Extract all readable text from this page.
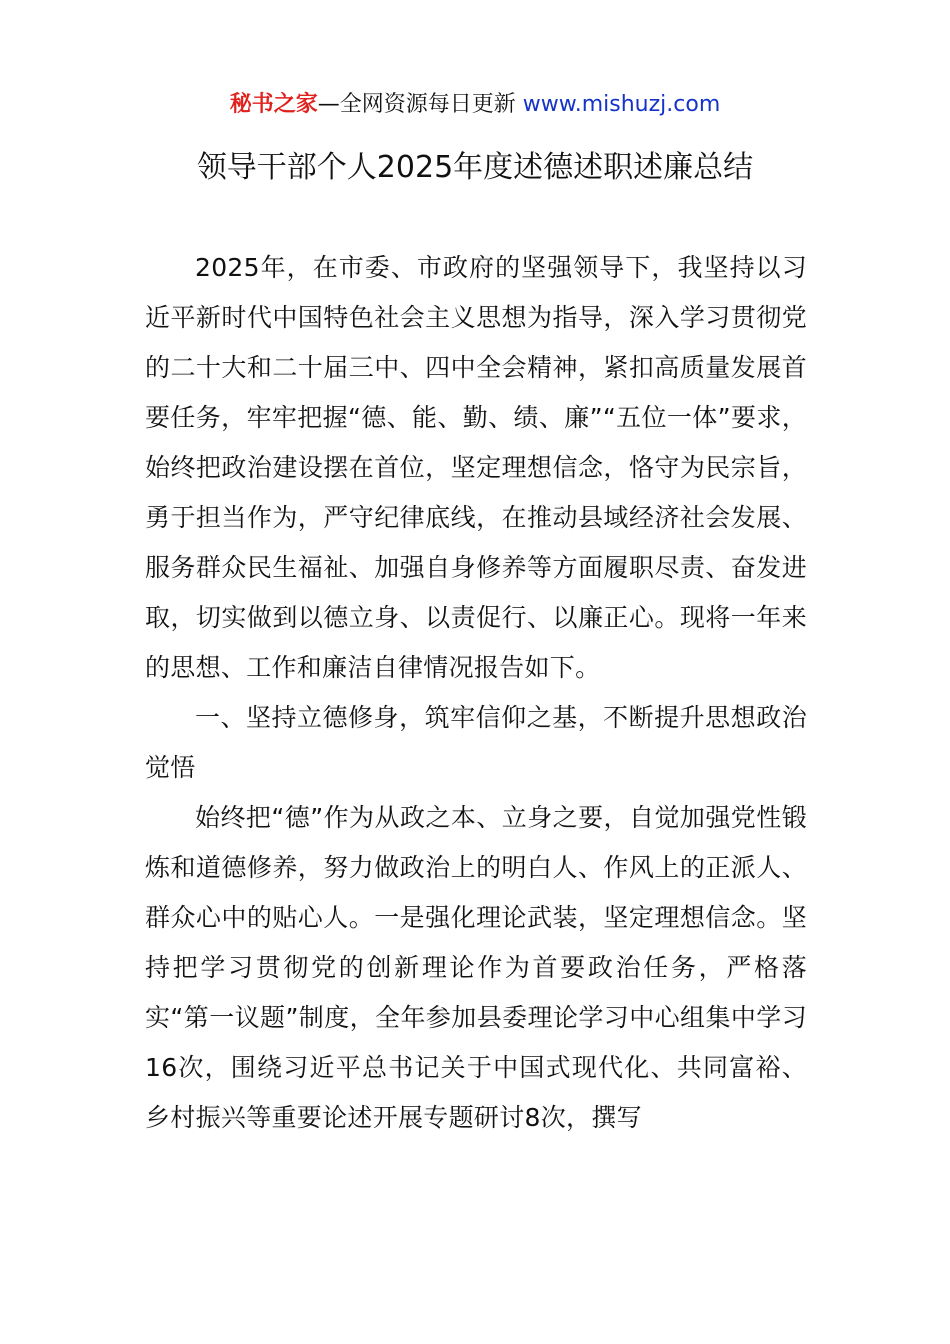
秘书之家—全网资源每日更新 www.mishuzj.com
领导干部个人2025年度述德述职述廉总结

2025年，在市委、市政府的坚强领导下，我坚持以习近平新时代中国特色社会主义思想为指导，深入学习贯彻党的二十大和二十届三中、四中全会精神，紧扣高质量发展首要任务，牢牢把握“德、能、勤、绩、廉”“五位一体”要求，始终把政治建设摆在首位，坚定理想信念，恪守为民宗旨，勇于担当作为，严守纪律底线，在推动县域经济社会发展、服务群众民生福祉、加强自身修养等方面履职尽责、奋发进取，切实做到以德立身、以责促行、以廉正心。现将一年来的思想、工作和廉洁自律情况报告如下。

一、坚持立德修身，筑牢信仰之基，不断提升思想政治觉悟

始终把“德”作为从政之本、立身之要，自觉加强党性锻炼和道德修养，努力做政治上的明白人、作风上的正派人、群众心中的贴心人。一是强化理论武装，坚定理想信念。坚持把学习贯彻党的创新理论作为首要政治任务，严格落实“第一议题”制度，全年参加县委理论学习中心组集中学习16次，围绕习近平总书记关于中国式现代化、共同富裕、乡村振兴等重要论述开展专题研讨8次，撰写
